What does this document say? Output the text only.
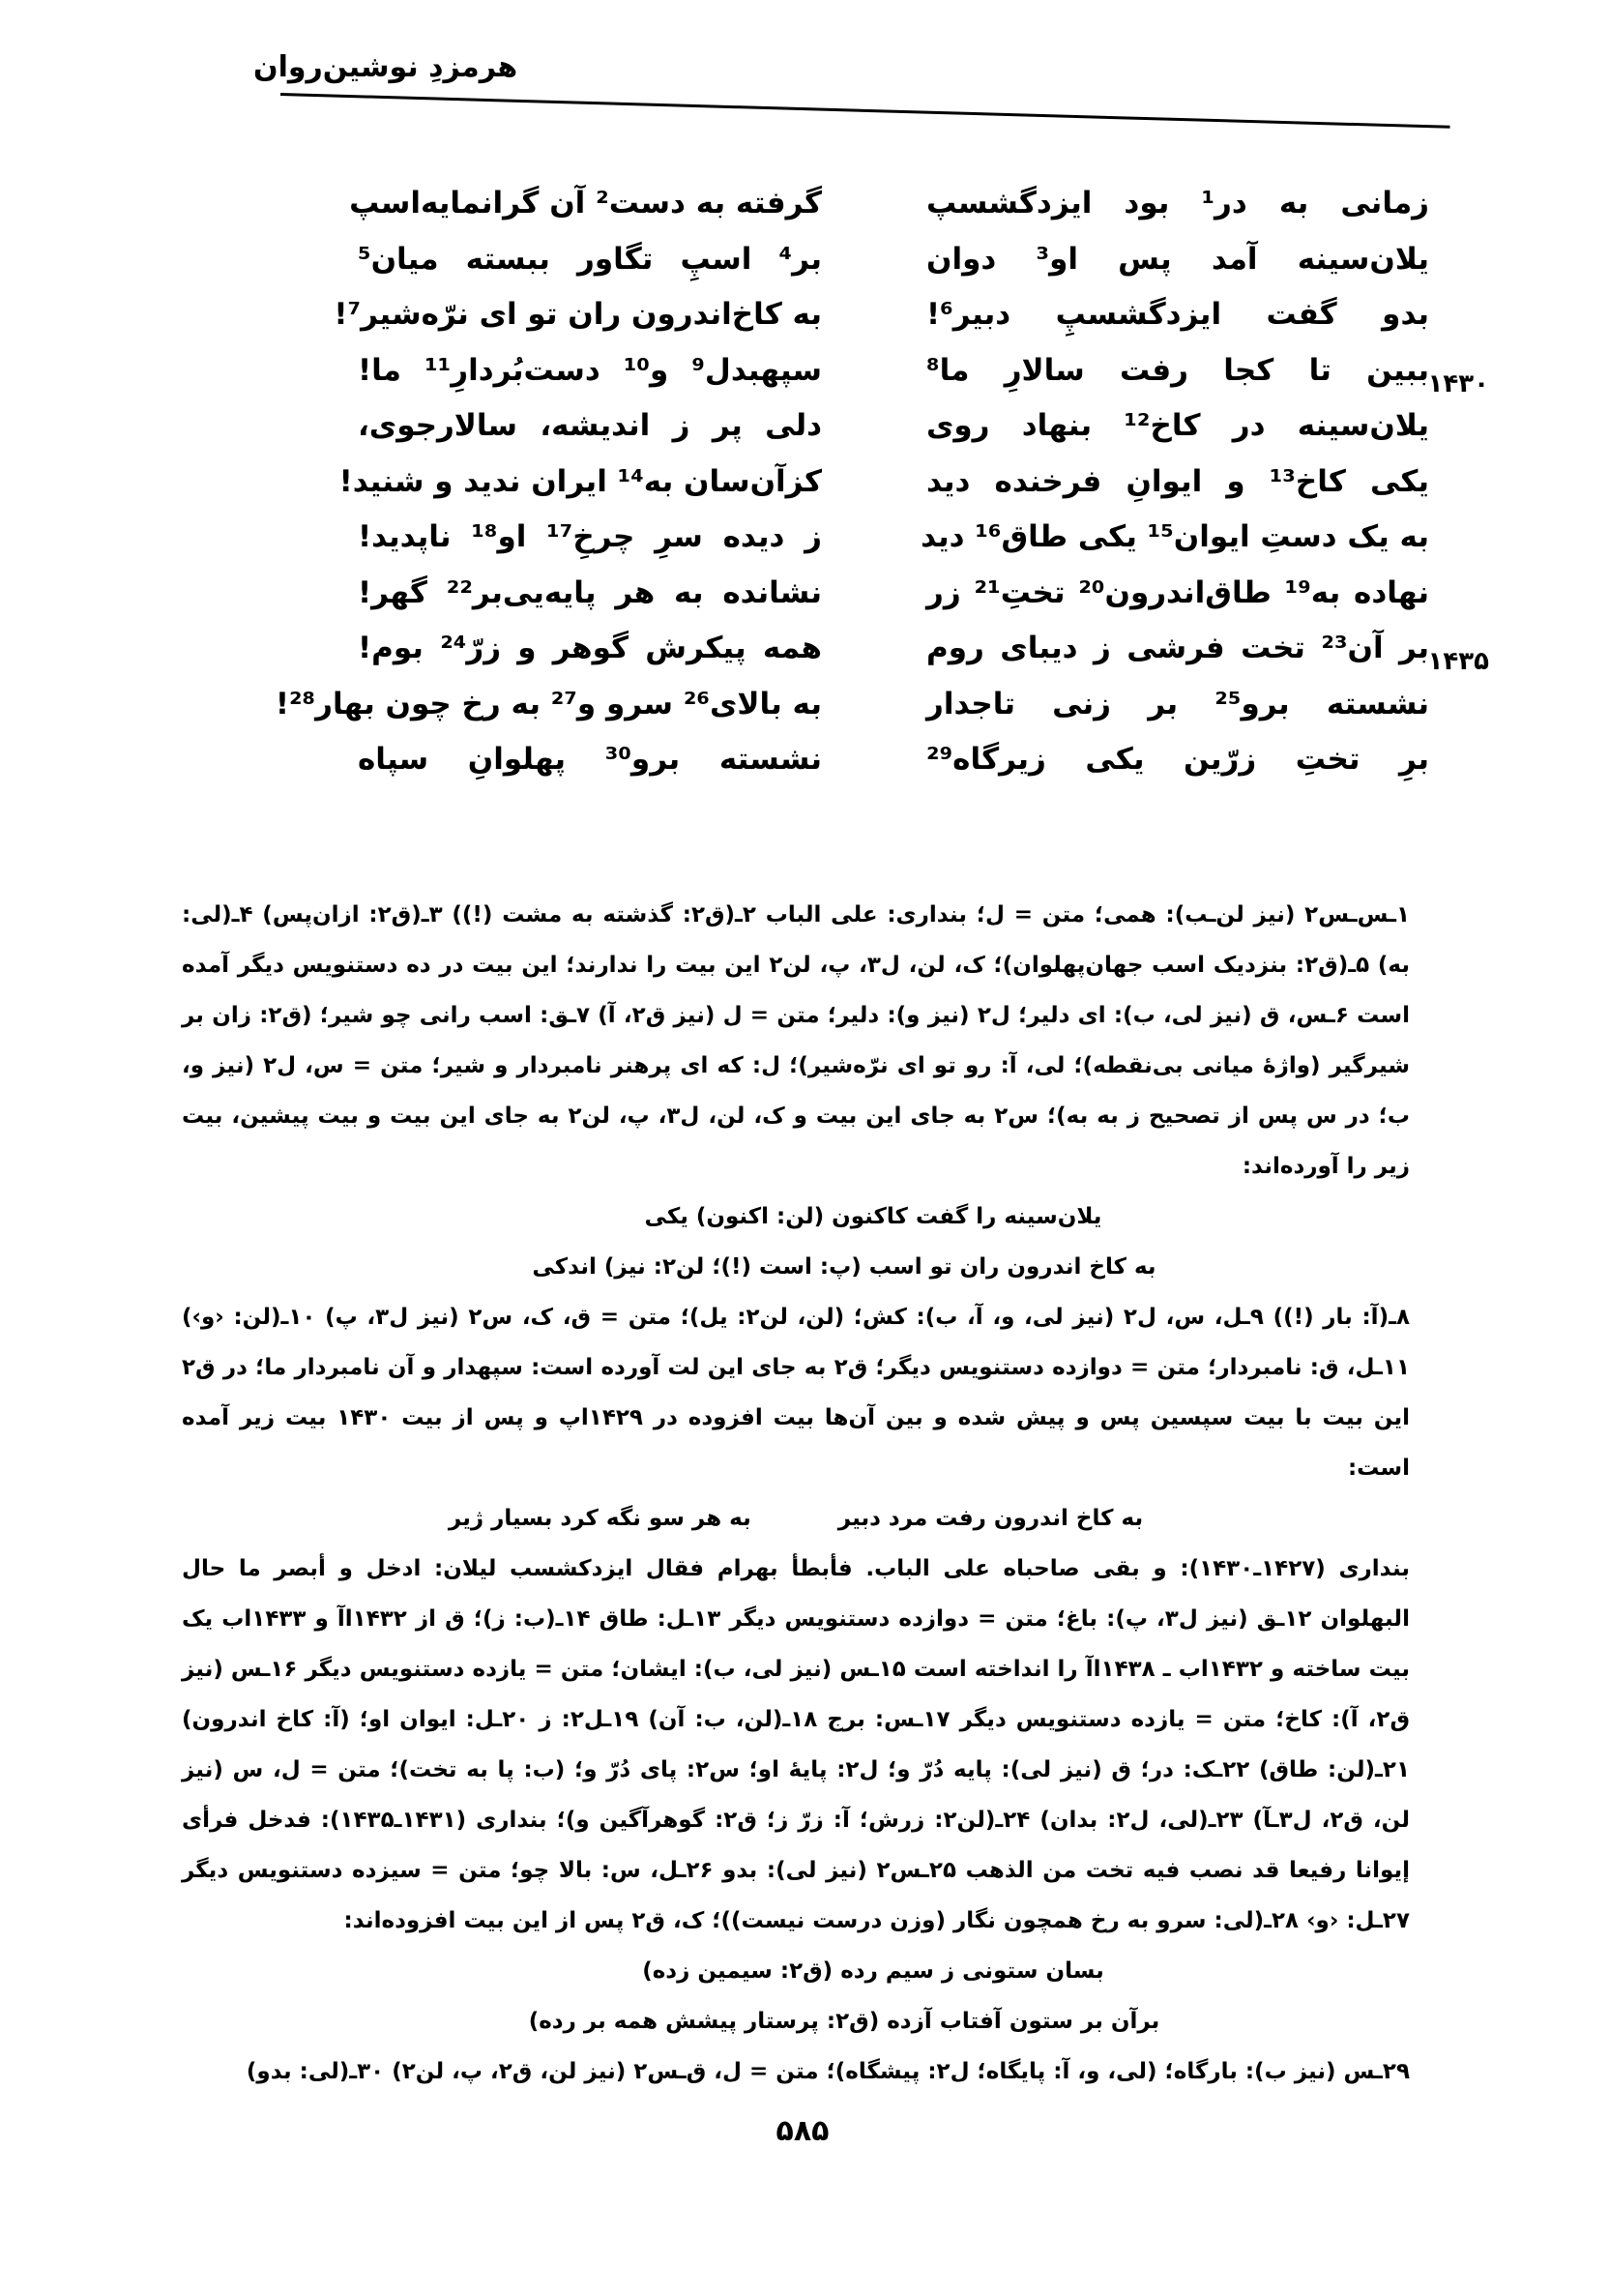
هرمزدِ نوشین‌روان
زمانی به در¹ بود ایزدگشسپ
یلان‌سینه آمد پس او³ دوان
بدو گفت ایزدگشسپِ دبیر⁶!
ببین تا کجا رفت سالارِ ما⁸
۱۴۳۰
یلان‌سینه در کاخ¹² بنهاد روی
یکی کاخ¹³ و ایوانِ فرخنده دید
به یک دستِ ایوان¹⁵ یکی طاق¹⁶ دید
نهاده به¹⁹ طاق‌اندرون²⁰ تختِ²¹ زر
بر آن²³ تخت فرشی ز دیبای روم
۱۴۳۵
نشسته برو²⁵ بر زنی تاجدار
برِ تختِ زرّین یکی زیرگاه²⁹
گرفته به دست² آن گرانمایه‌اسپ
بر⁴ اسپِ تگاور ببسته میان⁵
به کاخ‌اندرون ران تو ای نرّه‌شیر⁷!
سپهبدل⁹ و¹⁰ دست‌بُردارِ¹¹ ما!
دلی پر ز اندیشه، سالارجوی،
کزآن‌سان به¹⁴ ایران ندید و شنید!
ز دیده سرِ چرخِ¹⁷ او¹⁸ ناپدید!
نشانده به هر پایه‌یی‌بر²² گهر!
همه پیکرش گوهر و زرّ²⁴ بوم!
به بالای²⁶ سرو و²⁷ به رخ چون بهار²⁸!
نشسته برو³⁰ پهلوانِ سپاه
۱ـس‌ـس۲ (نیز لن‌ـب): همی؛ متن = ل؛ بنداری: علی الباب ۲ـ(ق۲: گذشته به مشت (!)) ۳ـ(ق۲: ازان‌پس) ۴ـ(لی: به) ۵ـ(ق۲: بنزدیک اسب جهان‌پهلوان)؛ ک، لن، ل۳، پ، لن۲ این بیت را ندارند؛ این بیت در ده دستنویس دیگر آمده است ۶ـس، ق (نیز لی، ب): ای دلیر؛ ل۲ (نیز و): دلیر؛ متن = ل (نیز ق۲، آ) ۷ـق: اسب رانی چو شیر؛ (ق۲: زان بر شیرگیر (واژهٔ میانی بی‌نقطه)؛ لی، آ: رو تو ای نرّه‌شیر)؛ ل: که ای پرهنر نامبردار و شیر؛ متن = س، ل۲ (نیز و، ب؛ در س پس از تصحیح ز به به)؛ س۲ به جای این بیت و ک، لن، ل۳، پ، لن۲ به جای این بیت و بیت پیشین، بیت زیر را آورده‌اند:
یلان‌سینه را گفت کاکنون (لن: اکنون) یکی
به کاخ اندرون ران تو اسب (پ: است (!)؛ لن۲: نیز) اندکی
۸ـ(آ: بار (!)) ۹ـل، س، ل۲ (نیز لی، و، آ، ب): کش؛ (لن، لن۲: یل)؛ متن = ق، ک، س۲ (نیز ل۳، پ) ۱۰ـ(لن: ‹و›) ۱۱ـل، ق: نامبردار؛ متن = دوازده دستنویس دیگر؛ ق۲ به جای این لت آورده است: سپهدار و آن نامبردار ما؛ در ق۲ این بیت با بیت سپسین پس و پیش شده و بین آن‌ها بیت افزوده در ۱۴۲۹اپ و پس از بیت ۱۴۳۰ بیت زیر آمده است:
به کاخ اندرون رفت مرد دبیر
به هر سو نگه کرد بسیار ژیر
بنداری (۱۴۲۷ـ۱۴۳۰): و بقی صاحباه علی الباب. فأبطأ بهرام فقال ایزدکشسب لیلان: ادخل و أبصر ما حال البهلوان ۱۲ـق (نیز ل۳، پ): باغ؛ متن = دوازده دستنویس دیگر ۱۳ـل: طاق ۱۴ـ(ب: ز)؛ ق از ۱۴۳۲اآ و ۱۴۳۳اب یک بیت ساخته و ۱۴۳۲اب ـ ۱۴۳۸اآ را انداخته است ۱۵ـس (نیز لی، ب): ایشان؛ متن = یازده دستنویس دیگر ۱۶ـس (نیز ق۲، آ): کاخ؛ متن = یازده دستنویس دیگر ۱۷ـس: برج ۱۸ـ(لن، ب: آن) ۱۹ـل۲: ز ۲۰ـل: ایوان او؛ (آ: کاخ اندرون) ۲۱ـ(لن: طاق) ۲۲ـک: در؛ ق (نیز لی): پایه دُرّ و؛ ل۲: پایهٔ او؛ س۲: پای دُرّ و؛ (ب: پا به تخت)؛ متن = ل، س (نیز لن، ق۲، ل۳ـآ) ۲۳ـ(لی، ل۲: بدان) ۲۴ـ(لن۲: زرش؛ آ: زرّ ز؛ ق۲: گوهرآگین و)؛ بنداری (۱۴۳۱ـ۱۴۳۵): فدخل فرأی إیوانا رفیعا قد نصب فیه تخت من الذهب ۲۵ـس۲ (نیز لی): بدو ۲۶ـل، س: بالا چو؛ متن = سیزده دستنویس دیگر ۲۷ـل: ‹و› ۲۸ـ(لی: سرو به رخ همچون نگار (وزن درست نیست))؛ ک، ق۲ پس از این بیت افزوده‌اند:
بسان ستونی ز سیم رده (ق۲: سیمین زده)
برآن بر ستون آفتاب آزده (ق۲: پرستار پیشش همه بر رده)
۲۹ـس (نیز ب): بارگاه؛ (لی، و، آ: پایگاه؛ ل۲: پیشگاه)؛ متن = ل، ق‌ـس۲ (نیز لن، ق۲، پ، لن۲) ۳۰ـ(لی: بدو)
۵۸۵
